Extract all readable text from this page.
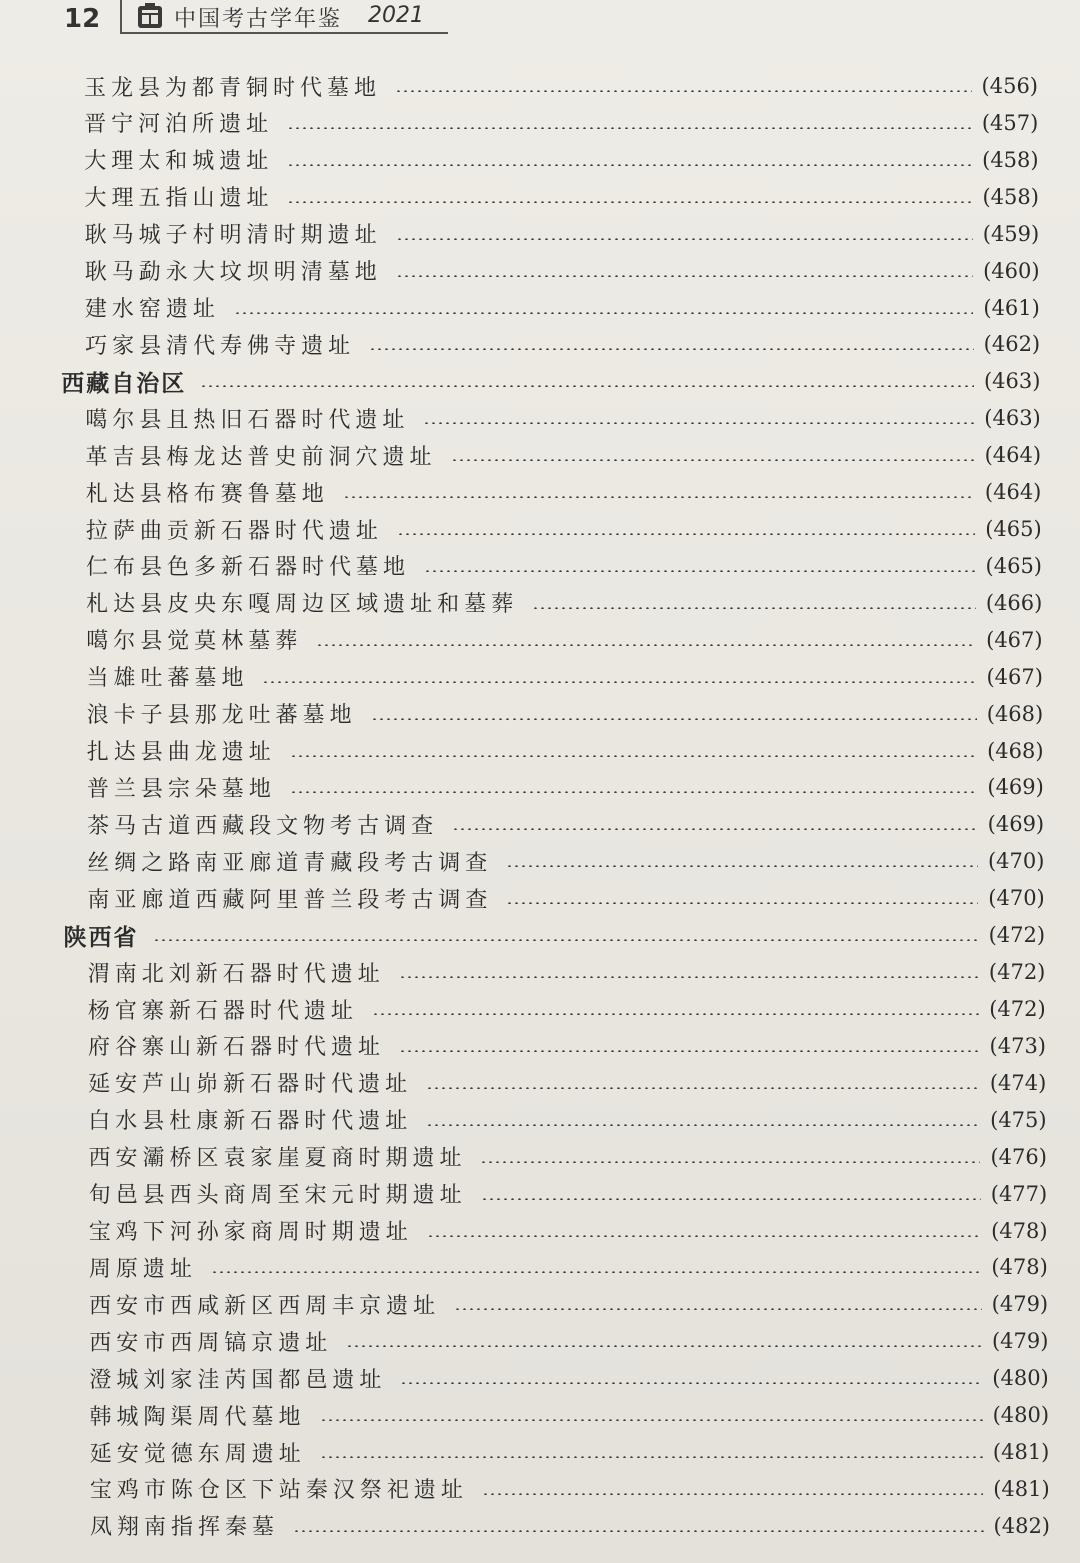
12	中国考古学年鉴 2021
玉龙县为都青铜时代墓地	(456)
晋宁河泊所遗址	(457)
大理太和城遗址	(458)
大理五指山遗址	(458)
耿马城子村明清时期遗址	(459)
耿马勐永大坟坝明清墓地	(460)
建水窑遗址	(461)
巧家县清代寿佛寺遗址	(462)
西藏自治区	(463)
噶尔县且热旧石器时代遗址	(463)
革吉县梅龙达普史前洞穴遗址	(464)
札达县格布赛鲁墓地	(464)
拉萨曲贡新石器时代遗址	(465)
仁布县色多新石器时代墓地	(465)
札达县皮央东嘎周边区域遗址和墓葬	(466)
噶尔县觉莫林墓葬	(467)
当雄吐蕃墓地	(467)
浪卡子县那龙吐蕃墓地	(468)
扎达县曲龙遗址	(468)
普兰县宗朵墓地	(469)
茶马古道西藏段文物考古调查	(469)
丝绸之路南亚廊道青藏段考古调查	(470)
南亚廊道西藏阿里普兰段考古调查	(470)
陕西省	(472)
渭南北刘新石器时代遗址	(472)
杨官寨新石器时代遗址	(472)
府谷寨山新石器时代遗址	(473)
延安芦山峁新石器时代遗址	(474)
白水县杜康新石器时代遗址	(475)
西安灞桥区袁家崖夏商时期遗址	(476)
旬邑县西头商周至宋元时期遗址	(477)
宝鸡下河孙家商周时期遗址	(478)
周原遗址	(478)
西安市西咸新区西周丰京遗址	(479)
西安市西周镐京遗址	(479)
澄城刘家洼芮国都邑遗址	(480)
韩城陶渠周代墓地	(480)
延安觉德东周遗址	(481)
宝鸡市陈仓区下站秦汉祭祀遗址	(481)
凤翔南指挥秦墓	(482)
